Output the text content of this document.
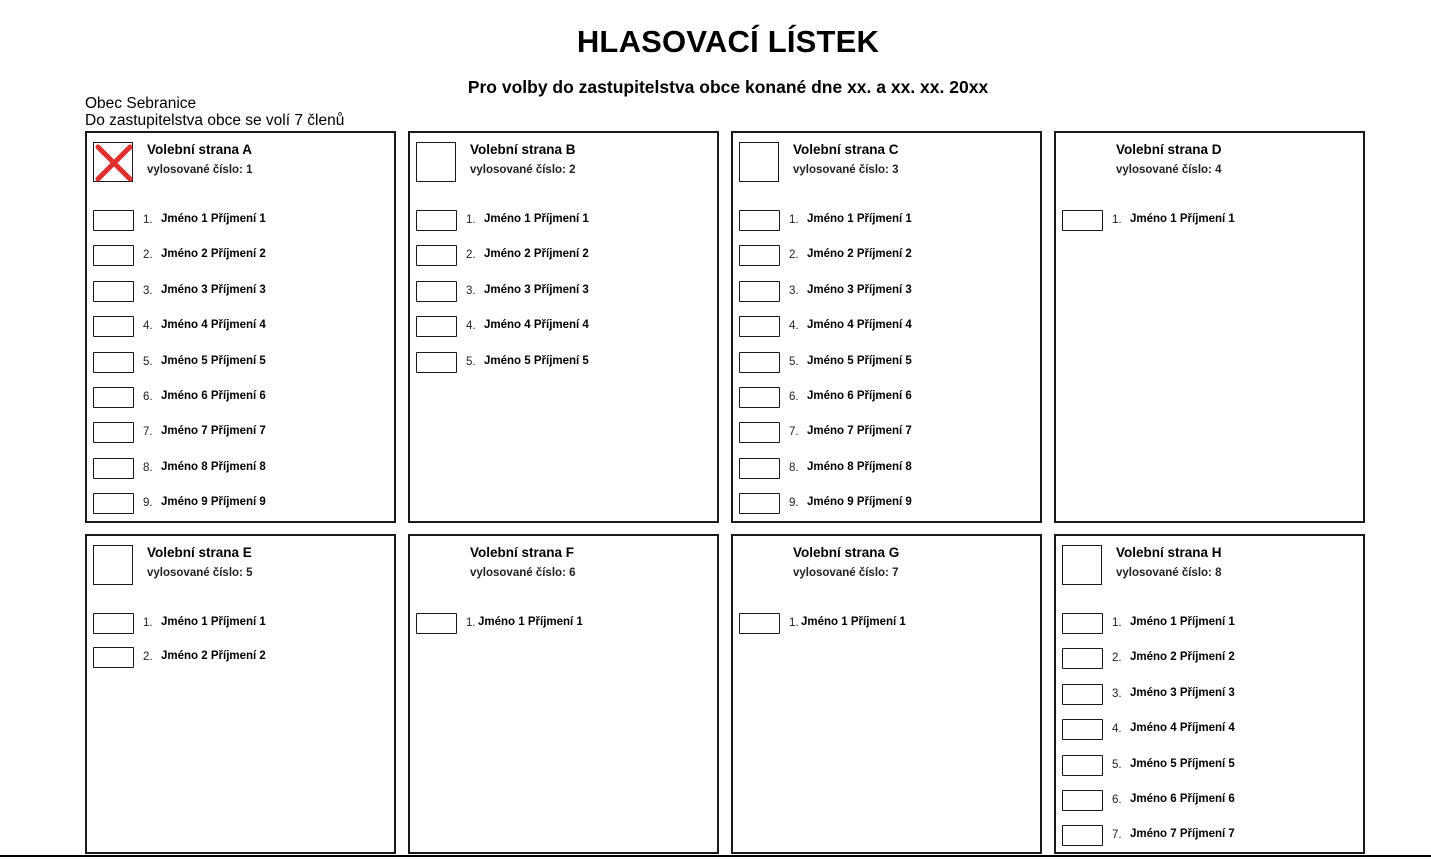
HLASOVACÍ LÍSTEK
Pro volby do zastupitelstva obce konané dne xx. a xx. xx. 20xx
Obec Sebranice
Do zastupitelstva obce se volí 7 členů
Volební strana A
vylosované číslo: 1
1. Jméno 1 Příjmení 1
2. Jméno 2 Příjmení 2
3. Jméno 3 Příjmení 3
4. Jméno 4 Příjmení 4
5. Jméno 5 Příjmení 5
6. Jméno 6 Příjmení 6
7. Jméno 7 Příjmení 7
8. Jméno 8 Příjmení 8
9. Jméno 9 Příjmení 9
Volební strana B
vylosované číslo: 2
1. Jméno 1 Příjmení 1
2. Jméno 2 Příjmení 2
3. Jméno 3 Příjmení 3
4. Jméno 4 Příjmení 4
5. Jméno 5 Příjmení 5
Volební strana C
vylosované číslo: 3
1. Jméno 1 Příjmení 1
2. Jméno 2 Příjmení 2
3. Jméno 3 Příjmení 3
4. Jméno 4 Příjmení 4
5. Jméno 5 Příjmení 5
6. Jméno 6 Příjmení 6
7. Jméno 7 Příjmení 7
8. Jméno 8 Příjmení 8
9. Jméno 9 Příjmení 9
Volební strana D
vylosované číslo: 4
1. Jméno 1 Příjmení 1
Volební strana E
vylosované číslo: 5
1. Jméno 1 Příjmení 1
2. Jméno 2 Příjmení 2
Volební strana F
vylosované číslo: 6
1. Jméno 1 Příjmení 1
Volební strana G
vylosované číslo: 7
1. Jméno 1 Příjmení 1
Volební strana H
vylosované číslo: 8
1. Jméno 1 Příjmení 1
2. Jméno 2 Příjmení 2
3. Jméno 3 Příjmení 3
4. Jméno 4 Příjmení 4
5. Jméno 5 Příjmení 5
6. Jméno 6 Příjmení 6
7. Jméno 7 Příjmení 7
